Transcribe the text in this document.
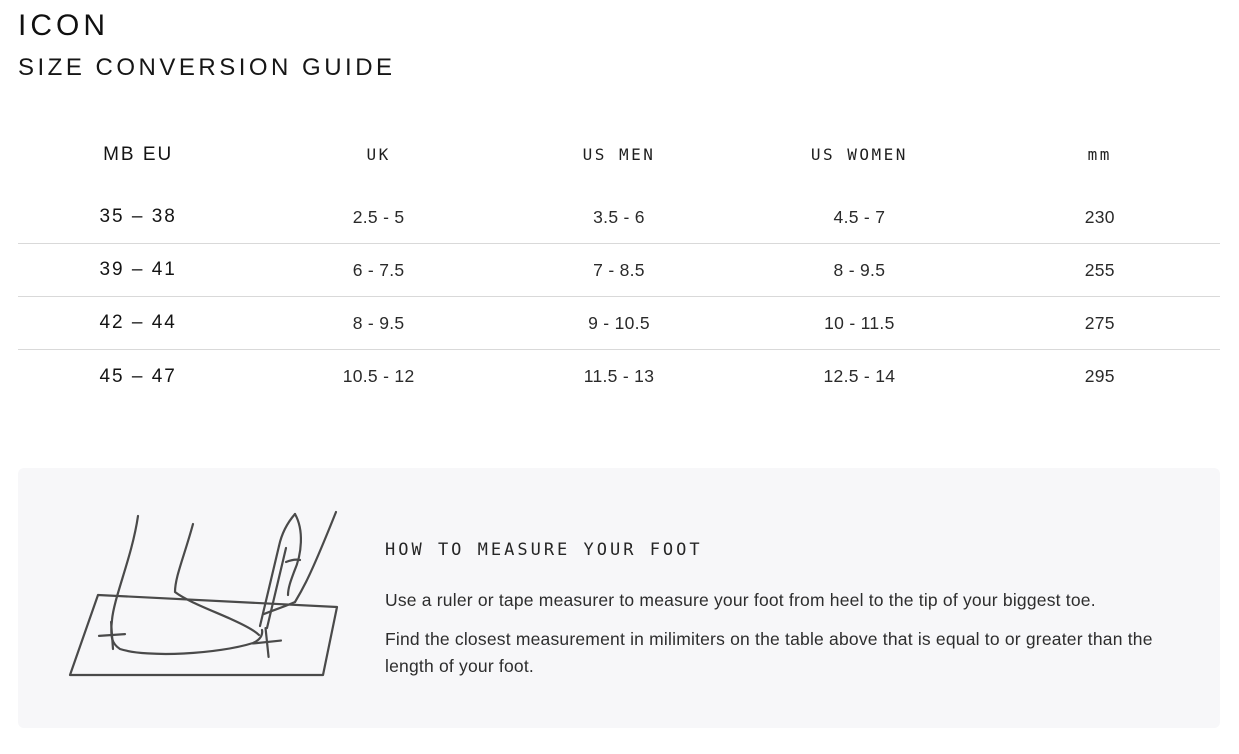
ICON
SIZE CONVERSION GUIDE
MB EU	UK	US MEN	US WOMEN	mm
35 – 38	2.5 - 5	3.5 - 6	4.5 - 7	230
39 – 41	6 - 7.5	7 - 8.5	8 - 9.5	255
42 – 44	8 - 9.5	9 - 10.5	10 - 11.5	275
45 – 47	10.5 - 12	11.5 - 13	12.5 - 14	295
HOW TO MEASURE YOUR FOOT

Use a ruler or tape measurer to measure your foot from heel to the tip of your biggest toe.

Find the closest measurement in milimiters on the table above that is equal to or greater than the length of your foot.
